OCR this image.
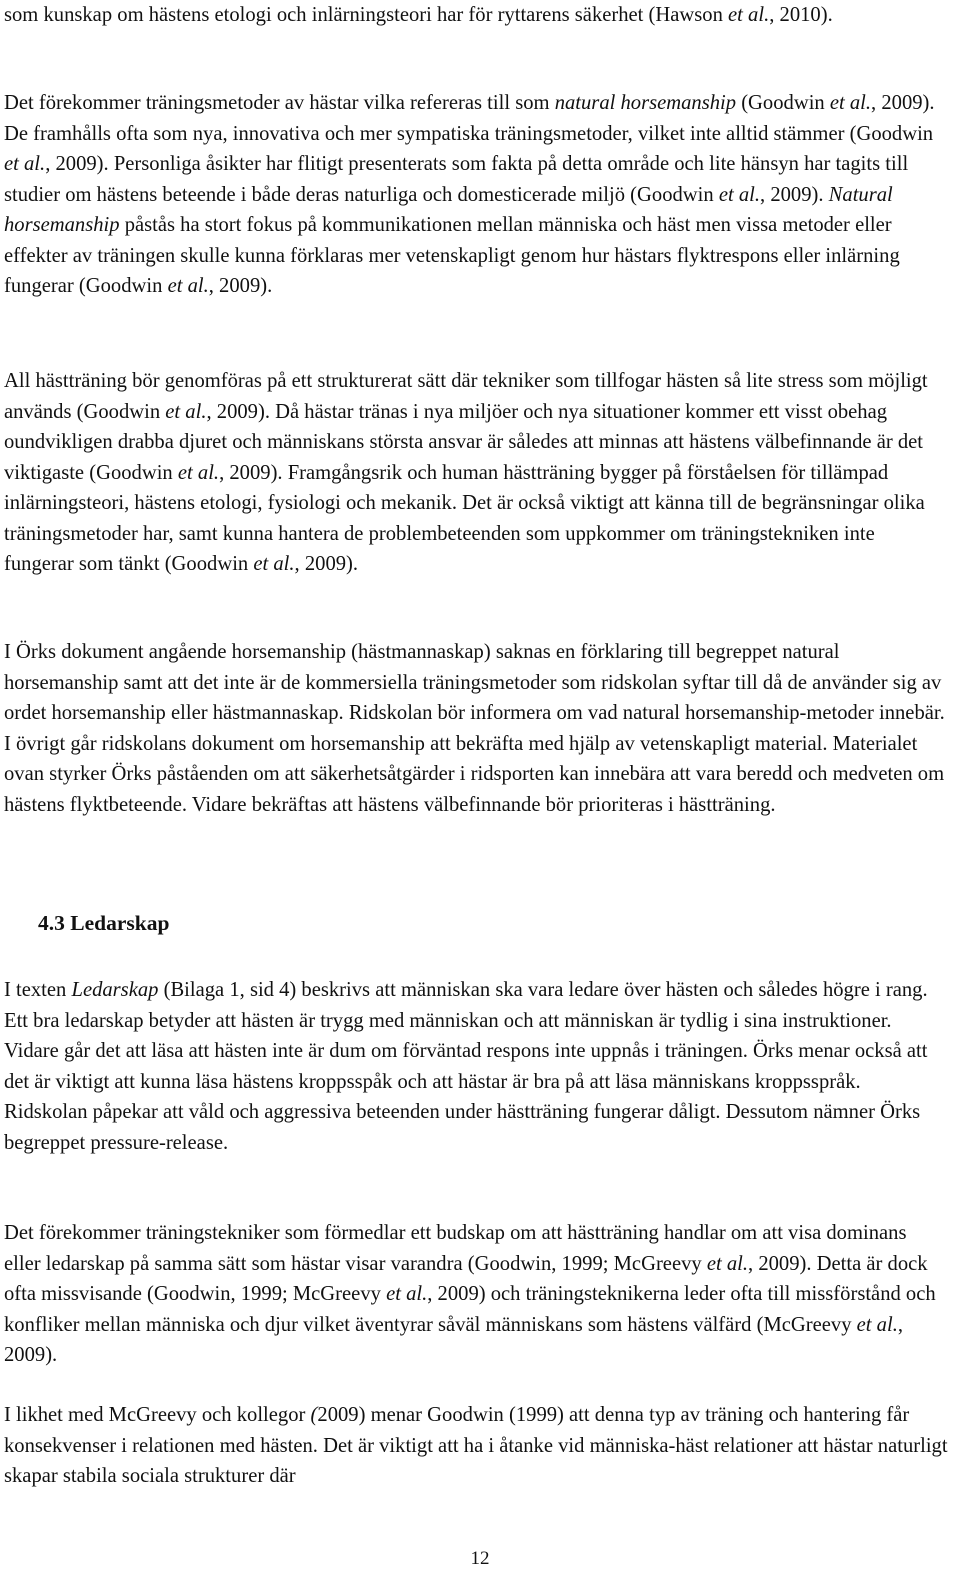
som kunskap om hästens etologi och inlärningsteori har för ryttarens säkerhet (Hawson et al., 2010).

Det förekommer träningsmetoder av hästar vilka refereras till som natural horsemanship (Goodwin et al., 2009). De framhålls ofta som nya, innovativa och mer sympatiska träningsmetoder, vilket inte alltid stämmer (Goodwin et al., 2009). Personliga åsikter har flitigt presenterats som fakta på detta område och lite hänsyn har tagits till studier om hästens beteende i både deras naturliga och domesticerade miljö (Goodwin et al., 2009). Natural horsemanship påstås ha stort fokus på kommunikationen mellan människa och häst men vissa metoder eller effekter av träningen skulle kunna förklaras mer vetenskapligt genom hur hästars flyktrespons eller inlärning fungerar (Goodwin et al., 2009).

All hästträning bör genomföras på ett strukturerat sätt där tekniker som tillfogar hästen så lite stress som möjligt används (Goodwin et al., 2009). Då hästar tränas i nya miljöer och nya situationer kommer ett visst obehag oundvikligen drabba djuret och människans största ansvar är således att minnas att hästens välbefinnande är det viktigaste (Goodwin et al., 2009). Framgångsrik och human hästträning bygger på förståelsen för tillämpad inlärningsteori, hästens etologi, fysiologi och mekanik. Det är också viktigt att känna till de begränsningar olika träningsmetoder har, samt kunna hantera de problembeteenden som uppkommer om träningstekniken inte fungerar som tänkt (Goodwin et al., 2009).

I Örks dokument angående horsemanship (hästmannaskap) saknas en förklaring till begreppet natural horsemanship samt att det inte är de kommersiella träningsmetoder som ridskolan syftar till då de använder sig av ordet horsemanship eller hästmannaskap. Ridskolan bör informera om vad natural horsemanship-metoder innebär. I övrigt går ridskolans dokument om horsemanship att bekräfta med hjälp av vetenskapligt material. Materialet ovan styrker Örks påståenden om att säkerhetsåtgärder i ridsporten kan innebära att vara beredd och medveten om hästens flyktbeteende. Vidare bekräftas att hästens välbefinnande bör prioriteras i hästträning.

4.3 Ledarskap

I texten Ledarskap (Bilaga 1, sid 4) beskrivs att människan ska vara ledare över hästen och således högre i rang. Ett bra ledarskap betyder att hästen är trygg med människan och att människan är tydlig i sina instruktioner. Vidare går det att läsa att hästen inte är dum om förväntad respons inte uppnås i träningen. Örks menar också att det är viktigt att kunna läsa hästens kroppsspåk och att hästar är bra på att läsa människans kroppsspråk. Ridskolan påpekar att våld och aggressiva beteenden under hästträning fungerar dåligt. Dessutom nämner Örks begreppet pressure-release.

Det förekommer träningstekniker som förmedlar ett budskap om att hästträning handlar om att visa dominans eller ledarskap på samma sätt som hästar visar varandra (Goodwin, 1999; McGreevy et al., 2009). Detta är dock ofta missvisande (Goodwin, 1999; McGreevy et al., 2009) och träningsteknikerna leder ofta till missförstånd och konfliker mellan människa och djur vilket äventyrar såväl människans som hästens välfärd (McGreevy et al., 2009).

I likhet med McGreevy och kollegor (2009) menar Goodwin (1999) att denna typ av träning och hantering får konsekvenser i relationen med hästen. Det är viktigt att ha i åtanke vid människa-häst relationer att hästar naturligt skapar stabila sociala strukturer där

12
